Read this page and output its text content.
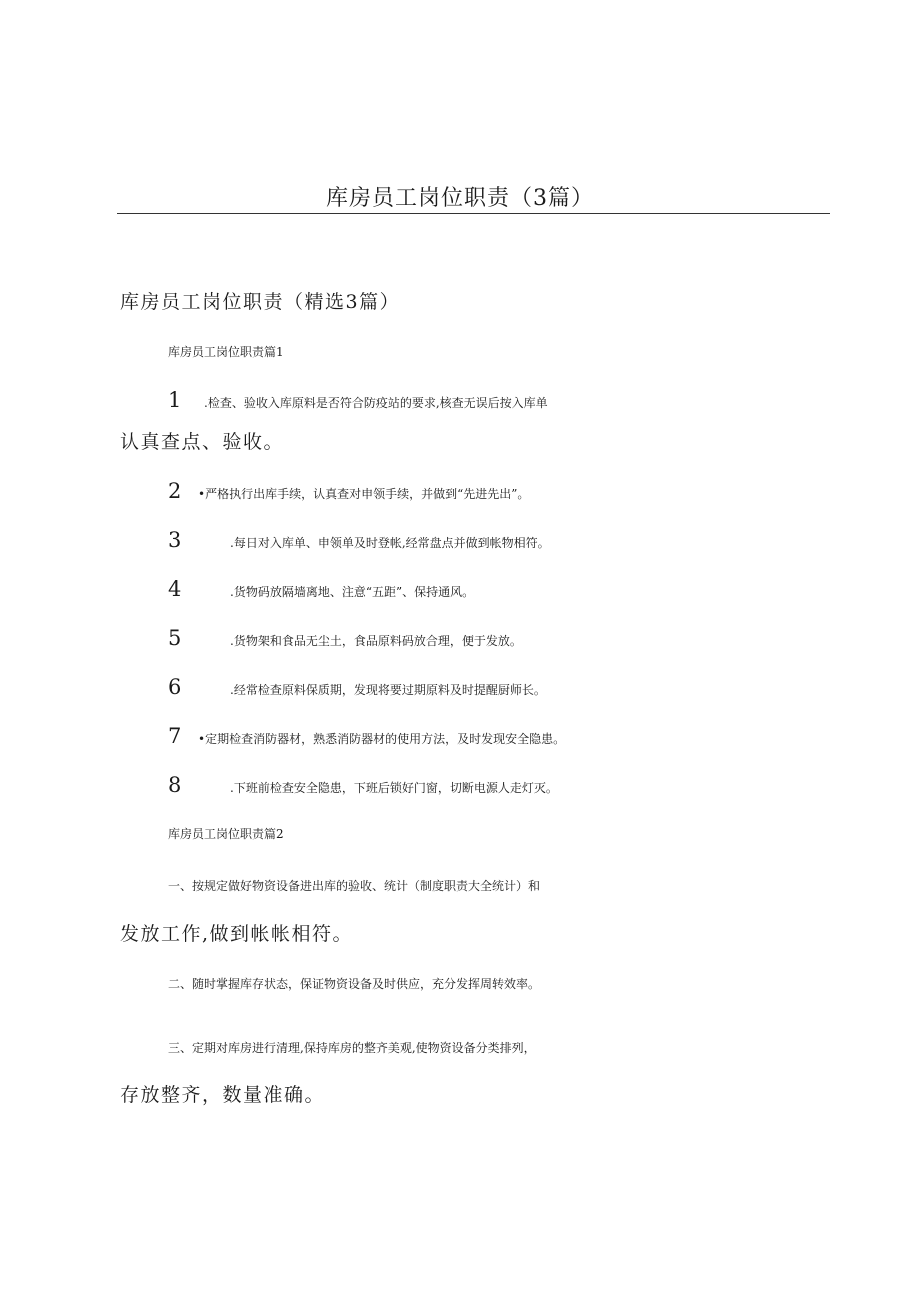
库房员工岗位职责（3篇）
库房员工岗位职责（精选3篇）
库房员工岗位职责篇1
1 .检查、验收入库原料是否符合防疫站的要求,核查无误后按入库单
认真查点、验收。
2 •严格执行出库手续，认真查对申领手续，并做到“先进先出”。
3	.每日对入库单、申领单及时登帐,经常盘点并做到帐物相符。
4	.货物码放隔墙离地、注意“五距”、保持通风。
5	.货物架和食品无尘土，食品原料码放合理，便于发放。
6	.经常检查原料保质期，发现将要过期原料及时提醒厨师长。
7 •定期检查消防器材，熟悉消防器材的使用方法，及时发现安全隐患。
8	.下班前检查安全隐患，下班后锁好门窗，切断电源人走灯灭。
库房员工岗位职责篇2
一、按规定做好物资设备进出库的验收、统计（制度职责大全统计）和
发放工作,做到帐帐相符。
二、随时掌握库存状态，保证物资设备及时供应，充分发挥周转效率。
三、定期对库房进行清理,保持库房的整齐美观,使物资设备分类排列，
存放整齐，数量准确。
